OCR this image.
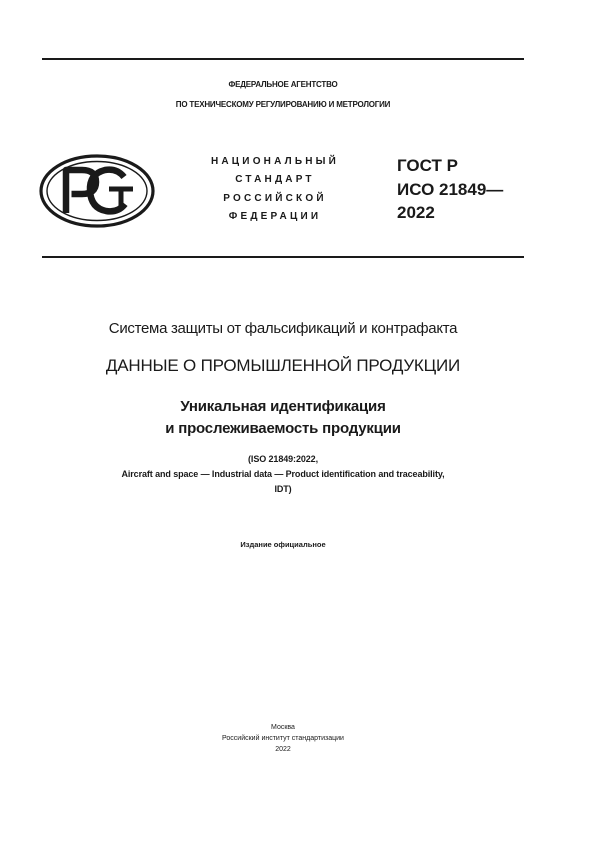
ФЕДЕРАЛЬНОЕ АГЕНТСТВО
ПО ТЕХНИЧЕСКОМУ РЕГУЛИРОВАНИЮ И МЕТРОЛОГИИ
НАЦИОНАЛЬНЫЙ
СТАНДАРТ
РОССИЙСКОЙ
ФЕДЕРАЦИИ
ГОСТ Р
ИСО 21849—
2022
Система защиты от фальсификаций и контрафакта
ДАННЫЕ О ПРОМЫШЛЕННОЙ ПРОДУКЦИИ
Уникальная идентификация
и прослеживаемость продукции
(ISO 21849:2022,
Aircraft and space — Industrial data — Product identification and traceability,
IDT)
Издание официальное
Москва
Российский институт стандартизации
2022
